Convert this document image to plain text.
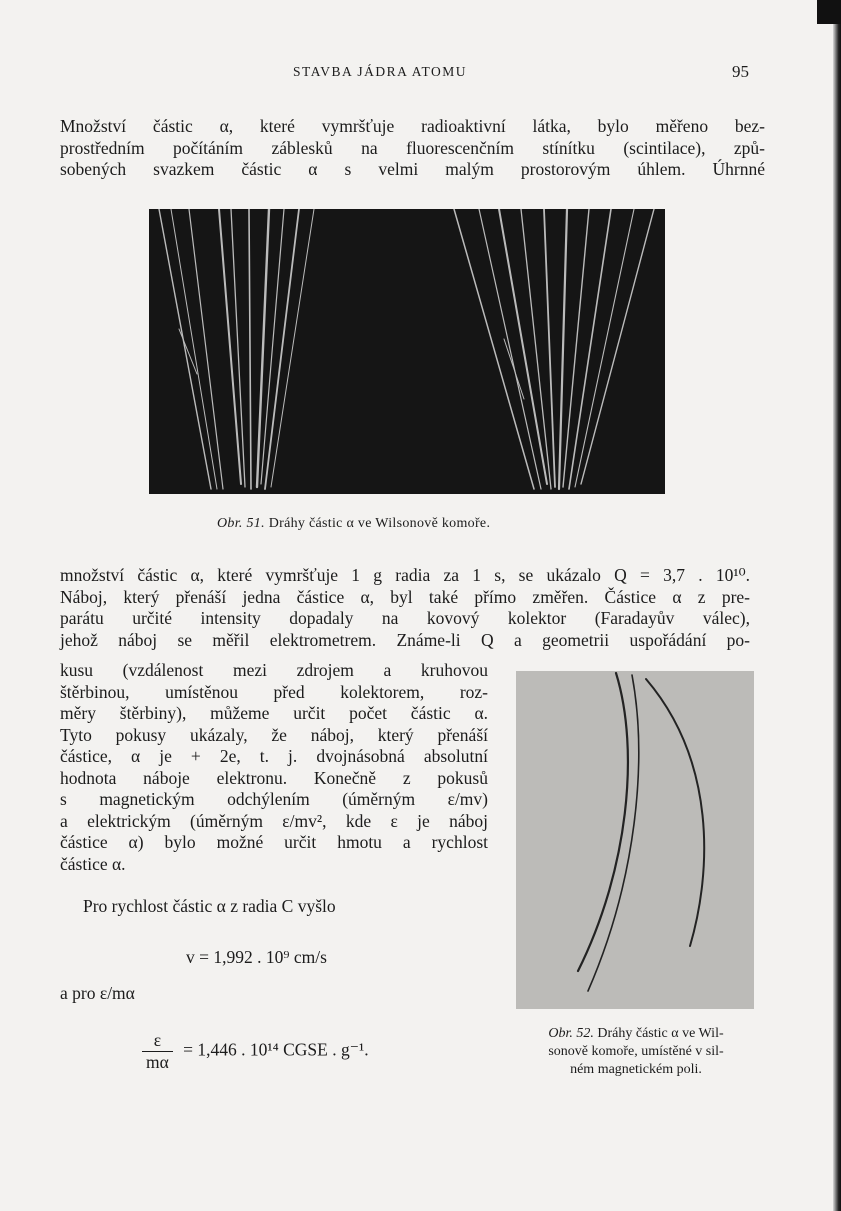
STAVBA JÁDRA ATOMU	95

Množství částic α, které vymršťuje radioaktivní látka, bylo měřeno bez-
prostředním počítáním záblesků na fluorescenčním stínítku (scintilace), způ-
sobených svazkem částic α s velmi malým prostorovým úhlem. Úhrnné

Obr. 51. Dráhy částic α ve Wilsonově komoře.

množství částic α, které vymršťuje 1 g radia za 1 s, se ukázalo Q = 3,7 . 10¹⁰.
Náboj, který přenáší jedna částice α, byl také přímo změřen. Částice α z pre-
parátu určité intensity dopadaly na kovový kolektor (Faradayův válec),
jehož náboj se měřil elektrometrem. Známe-li Q a geometrii uspořádání po-

kusu (vzdálenost mezi zdrojem a kruhovou
štěrbinou, umístěnou před kolektorem, roz-
měry štěrbiny), můžeme určit počet částic α.
Tyto pokusy ukázaly, že náboj, který přenáší
částice, α je + 2e, t. j. dvojnásobná absolutní
hodnota náboje elektronu. Konečně z pokusů
s magnetickým odchýlením (úměrným ε/mv)
a elektrickým (úměrným ε/mv², kde ε je náboj
částice α) bylo možné určit hmotu a rychlost
částice α.

Obr. 52. Dráhy částic α ve Wil-
sonově komoře, umístěné v sil-
ném magnetickém poli.

Pro rychlost částic α z radia C vyšlo

v = 1,992 . 10⁹ cm/s
a pro ε/mα
$\frac{\varepsilon}{m\alpha} = 1,446$ . 10¹⁴ CGSE . g⁻¹.
